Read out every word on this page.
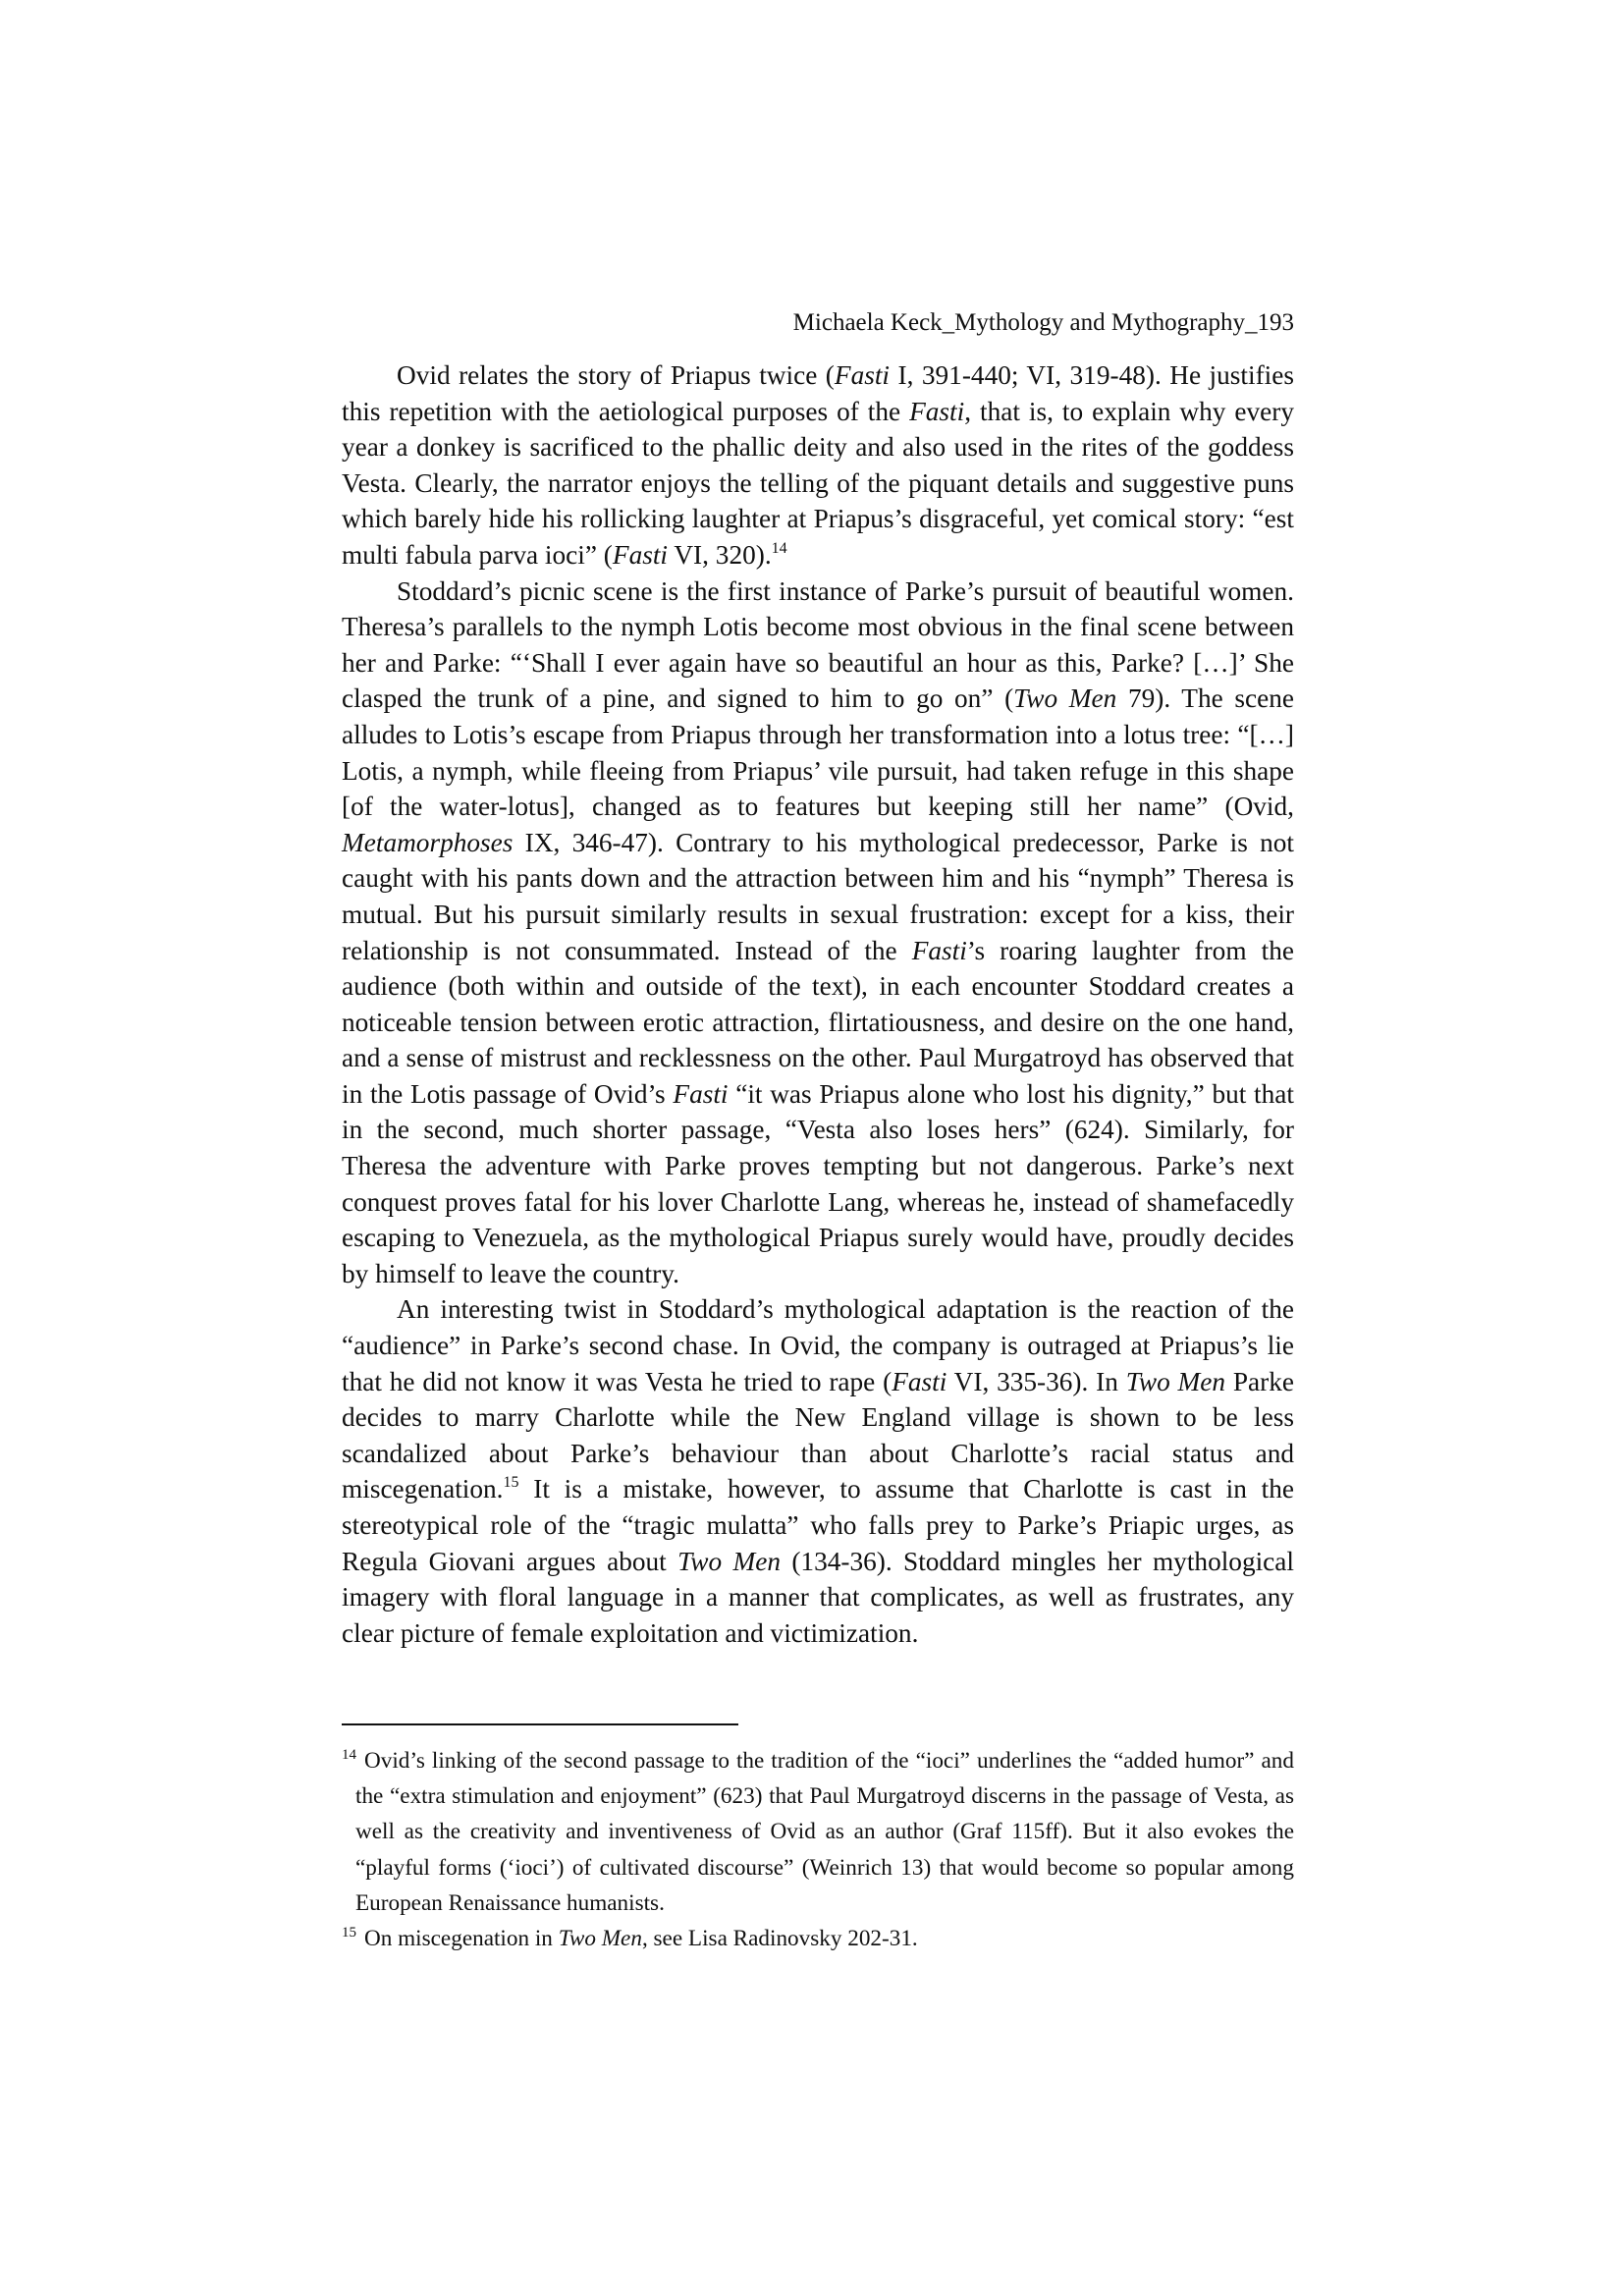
Michaela Keck_Mythology and Mythography_193

Ovid relates the story of Priapus twice (Fasti I, 391-440; VI, 319-48). He justifies this repetition with the aetiological purposes of the Fasti, that is, to explain why every year a donkey is sacrificed to the phallic deity and also used in the rites of the goddess Vesta. Clearly, the narrator enjoys the telling of the piquant details and suggestive puns which barely hide his rollicking laughter at Priapus’s disgraceful, yet comical story: “est multi fabula parva ioci” (Fasti VI, 320).$^{14}$

Stoddard’s picnic scene is the first instance of Parke’s pursuit of beautiful women. Theresa’s parallels to the nymph Lotis become most obvious in the final scene between her and Parke: “‘Shall I ever again have so beautiful an hour as this, Parke? […]’ She clasped the trunk of a pine, and signed to him to go on” (Two Men 79). The scene alludes to Lotis’s escape from Priapus through her transformation into a lotus tree: “[…] Lotis, a nymph, while fleeing from Priapus’ vile pursuit, had taken refuge in this shape [of the water-lotus], changed as to features but keeping still her name” (Ovid, Metamorphoses IX, 346-47). Contrary to his mythological predecessor, Parke is not caught with his pants down and the attraction between him and his “nymph” Theresa is mutual. But his pursuit similarly results in sexual frustration: except for a kiss, their relationship is not consummated. Instead of the Fasti’s roaring laughter from the audience (both within and outside of the text), in each encounter Stoddard creates a noticeable tension between erotic attraction, flirtatiousness, and desire on the one hand, and a sense of mistrust and recklessness on the other. Paul Murgatroyd has observed that in the Lotis passage of Ovid’s Fasti “it was Priapus alone who lost his dignity,” but that in the second, much shorter passage, “Vesta also loses hers” (624). Similarly, for Theresa the adventure with Parke proves tempting but not dangerous. Parke’s next conquest proves fatal for his lover Charlotte Lang, whereas he, instead of shamefacedly escaping to Venezuela, as the mythological Priapus surely would have, proudly decides by himself to leave the country.

An interesting twist in Stoddard’s mythological adaptation is the reaction of the “audience” in Parke’s second chase. In Ovid, the company is outraged at Priapus’s lie that he did not know it was Vesta he tried to rape (Fasti VI, 335-36). In Two Men Parke decides to marry Charlotte while the New England village is shown to be less scandalized about Parke’s behaviour than about Charlotte’s racial status and miscegenation.$^{15}$ It is a mistake, however, to assume that Charlotte is cast in the stereotypical role of the “tragic mulatta” who falls prey to Parke’s Priapic urges, as Regula Giovani argues about Two Men (134-36). Stoddard mingles her mythological imagery with floral language in a manner that complicates, as well as frustrates, any clear picture of female exploitation and victimization.

$^{14}$ Ovid’s linking of the second passage to the tradition of the “ioci” underlines the “added humor” and the “extra stimulation and enjoyment” (623) that Paul Murgatroyd discerns in the passage of Vesta, as well as the creativity and inventiveness of Ovid as an author (Graf 115ff). But it also evokes the “playful forms (‘ioci’) of cultivated discourse” (Weinrich 13) that would become so popular among European Renaissance humanists.

$^{15}$ On miscegenation in Two Men, see Lisa Radinovsky 202-31.
